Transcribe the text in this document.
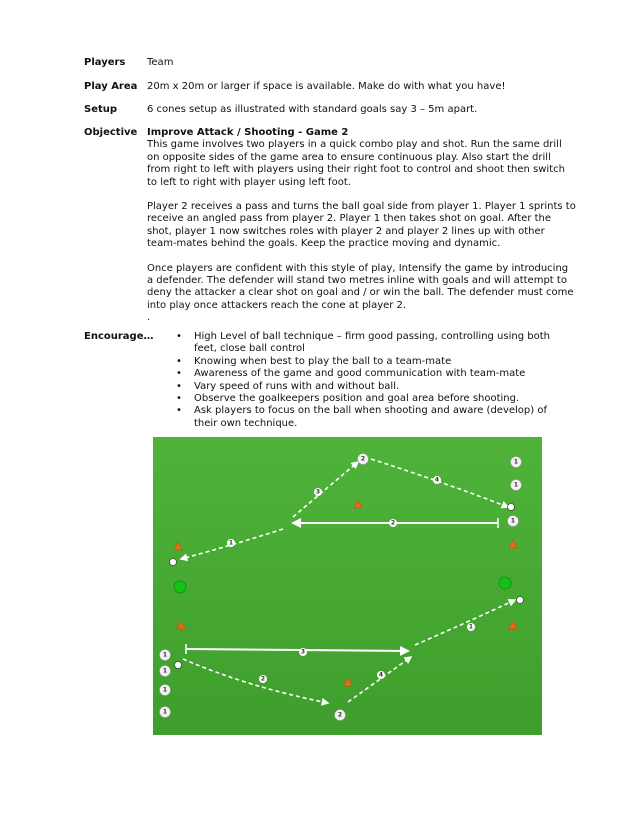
Players	Team
Play Area 20m x 20m or larger if space is available. Make do with what you have!
Setup	6 cones setup as illustrated with standard goals say 3 – 5m apart.
Objective Improve Attack / Shooting - Game 2

This game involves two players in a quick combo play and shot. Run the same drill on opposite sides of the game area to ensure continuous play. Also start the drill from right to left with players using their right foot to control and shoot then switch to left to right with player using left foot.

Player 2 receives a pass and turns the ball goal side from player 1. Player 1 sprints to receive an angled pass from player 2. Player 1 then takes shot on goal. After the shot, player 1 now switches roles with player 2 and player 2 lines up with other team-mates behind the goals. Keep the practice moving and dynamic.

Once players are confident with this style of play, Intensify the game by introducing a defender. The defender will stand two metres inline with goals and will attempt to deny the attacker a clear shot on goal and / or win the ball. The defender must come into play once attackers reach the cone at player 2.

.

Encourage…
•	High Level of ball technique – firm good passing, controlling using both feet, close ball control
• Knowing when best to play the ball to a team-mate
• Awareness of the game and good communication with team-mate
• Vary speed of runs with and without ball.
• Observe the goalkeepers position and goal area before shooting.
• Ask players to focus on the ball when shooting and aware (develop) of their own technique.
2
3
4
1
2
3
4
1
1
1
1
2
1
1
1
1	2
